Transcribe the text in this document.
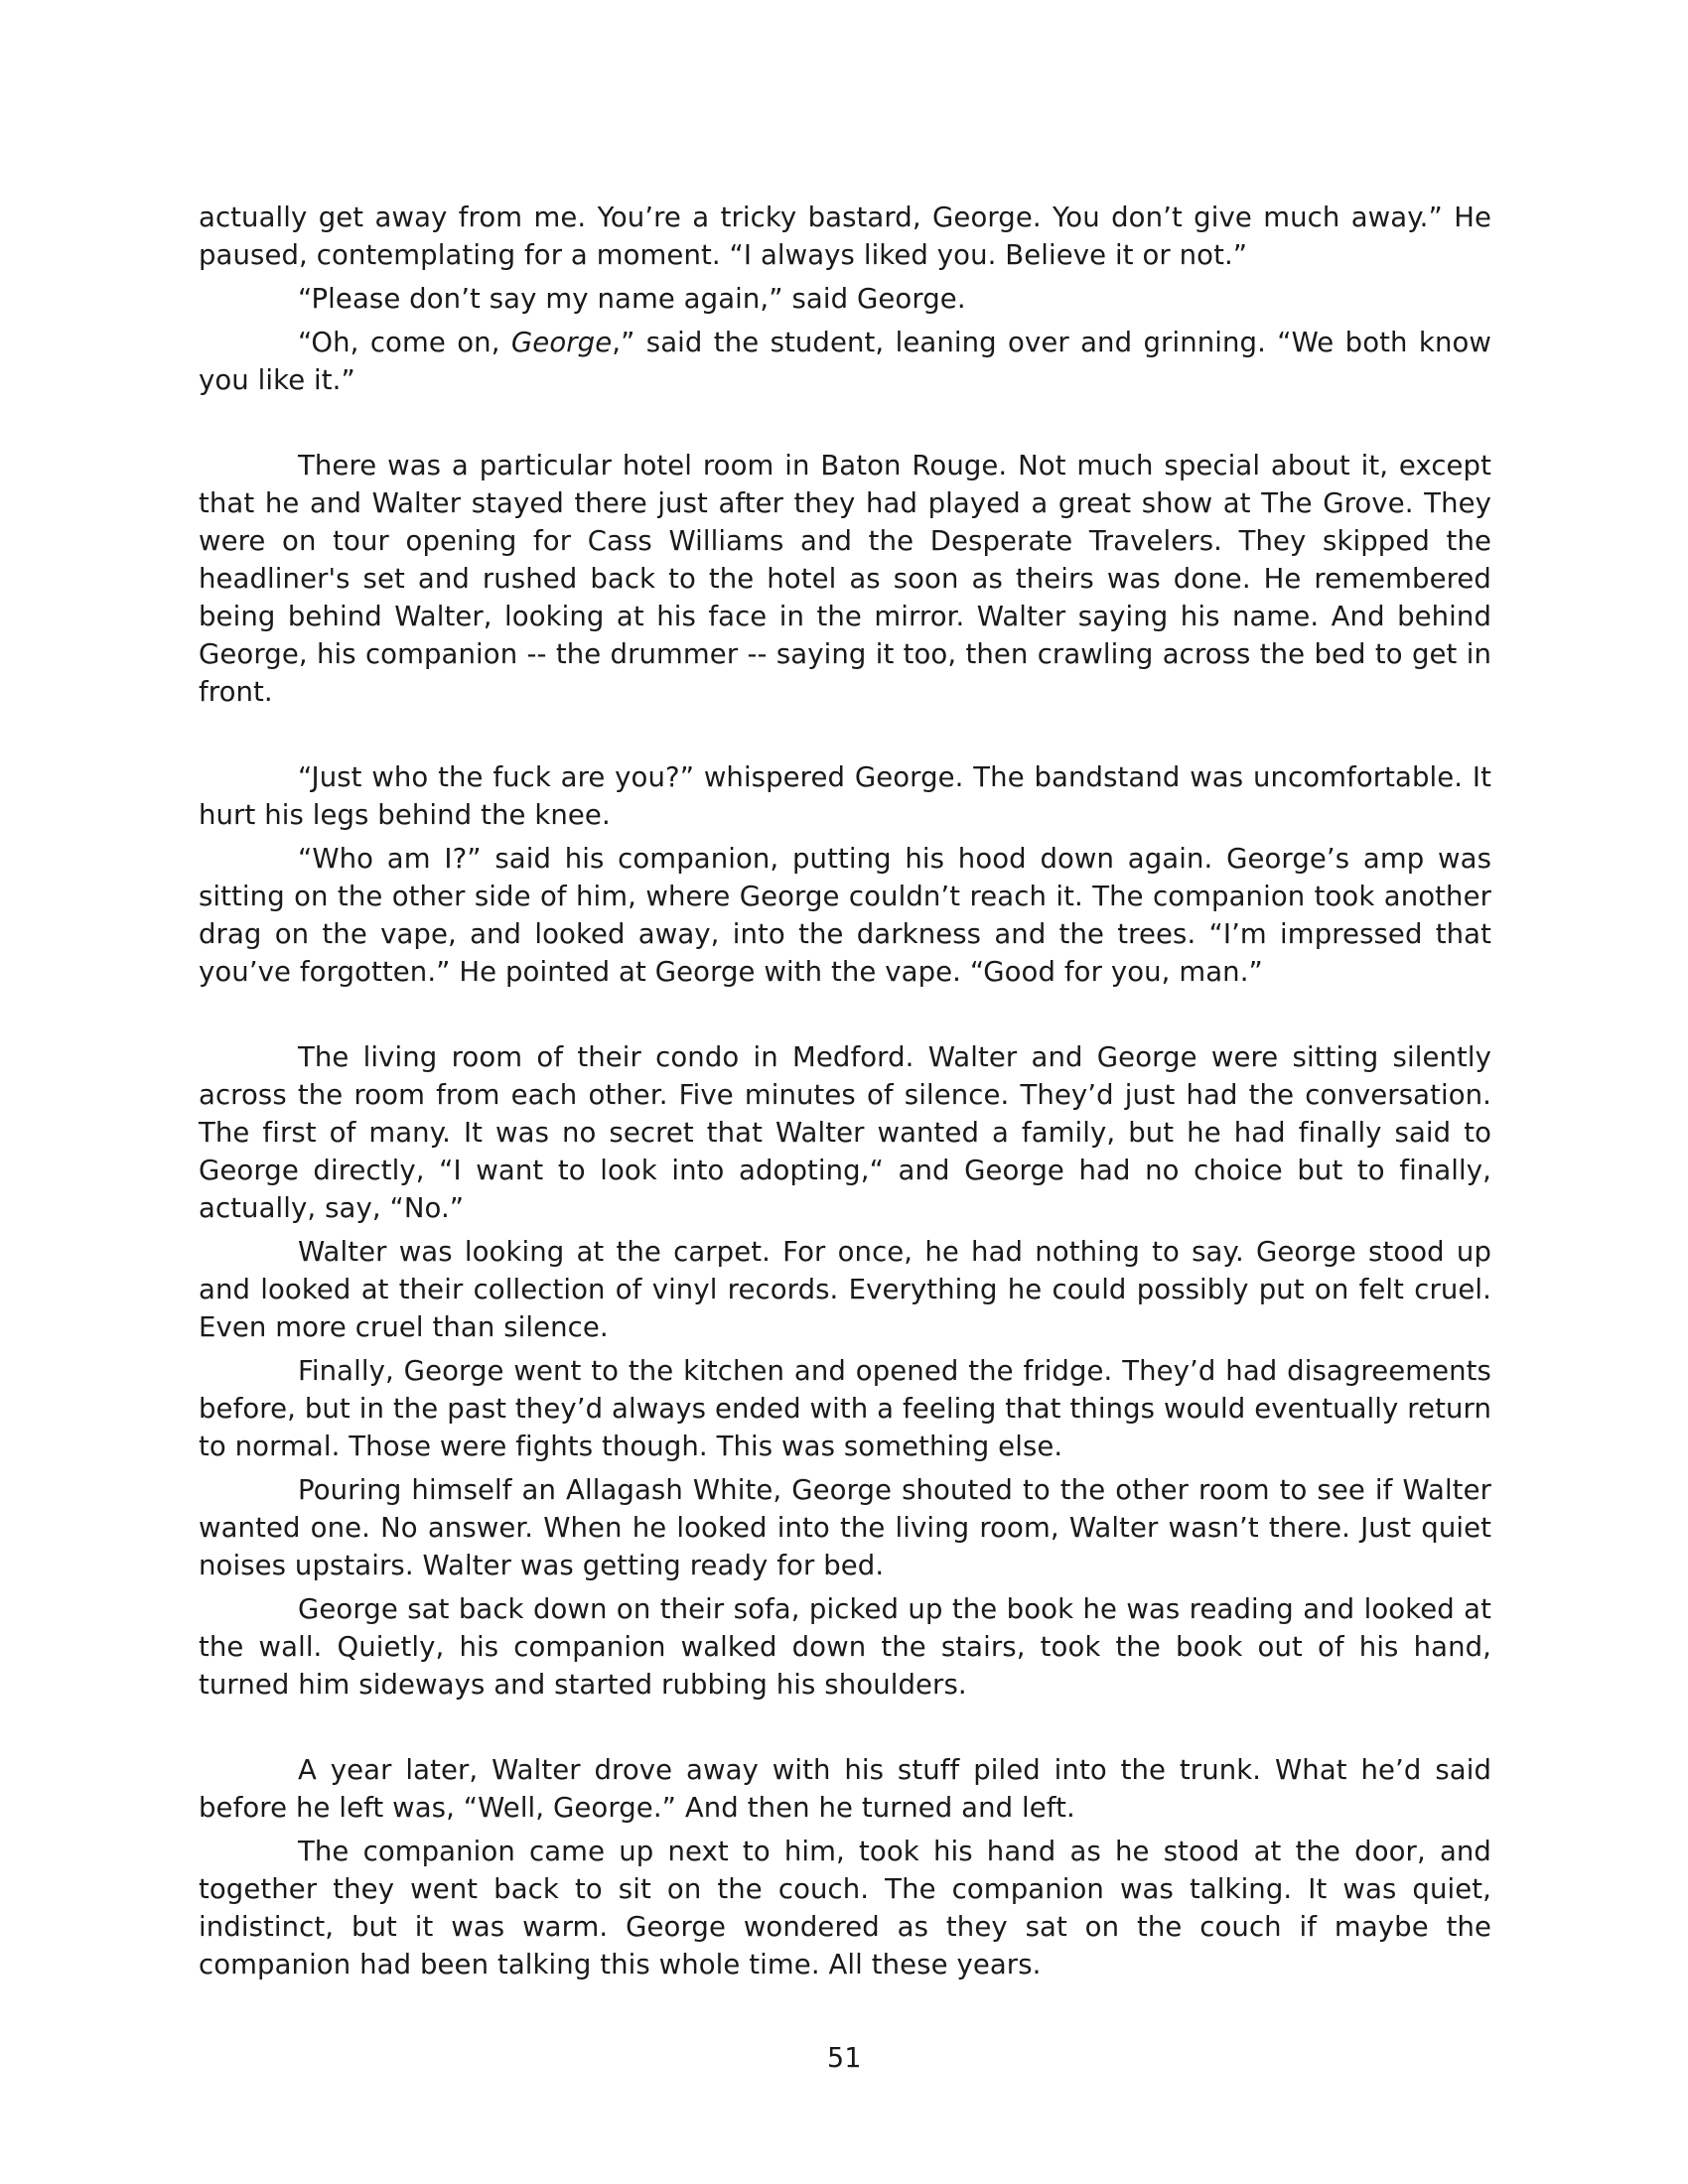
actually get away from me. You’re a tricky bastard, George. You don’t give much away.” He paused, contemplating for a moment. “I always liked you. Believe it or not.”

“Please don’t say my name again,” said George.

“Oh, come on, George,” said the student, leaning over and grinning. “We both know you like it.”

There was a particular hotel room in Baton Rouge. Not much special about it, except that he and Walter stayed there just after they had played a great show at The Grove. They were on tour opening for Cass Williams and the Desperate Travelers. They skipped the headliner's set and rushed back to the hotel as soon as theirs was done. He remembered being behind Walter, looking at his face in the mirror. Walter saying his name. And behind George, his companion -- the drummer -- saying it too, then crawling across the bed to get in front.

“Just who the fuck are you?” whispered George. The bandstand was uncomfortable. It hurt his legs behind the knee.

“Who am I?” said his companion, putting his hood down again. George’s amp was sitting on the other side of him, where George couldn’t reach it. The companion took another drag on the vape, and looked away, into the darkness and the trees. “I’m impressed that you’ve forgotten.” He pointed at George with the vape. “Good for you, man.”

The living room of their condo in Medford. Walter and George were sitting silently across the room from each other. Five minutes of silence. They’d just had the conversation. The first of many. It was no secret that Walter wanted a family, but he had finally said to George directly, “I want to look into adopting,“ and George had no choice but to finally, actually, say, “No.”

Walter was looking at the carpet. For once, he had nothing to say. George stood up and looked at their collection of vinyl records. Everything he could possibly put on felt cruel. Even more cruel than silence.

Finally, George went to the kitchen and opened the fridge. They’d had disagreements before, but in the past they’d always ended with a feeling that things would eventually return to normal. Those were fights though. This was something else.

Pouring himself an Allagash White, George shouted to the other room to see if Walter wanted one. No answer. When he looked into the living room, Walter wasn’t there. Just quiet noises upstairs. Walter was getting ready for bed.

George sat back down on their sofa, picked up the book he was reading and looked at the wall. Quietly, his companion walked down the stairs, took the book out of his hand, turned him sideways and started rubbing his shoulders.

A year later, Walter drove away with his stuff piled into the trunk. What he’d said before he left was, “Well, George.” And then he turned and left.

The companion came up next to him, took his hand as he stood at the door, and together they went back to sit on the couch. The companion was talking. It was quiet, indistinct, but it was warm. George wondered as they sat on the couch if maybe the companion had been talking this whole time. All these years.

51
